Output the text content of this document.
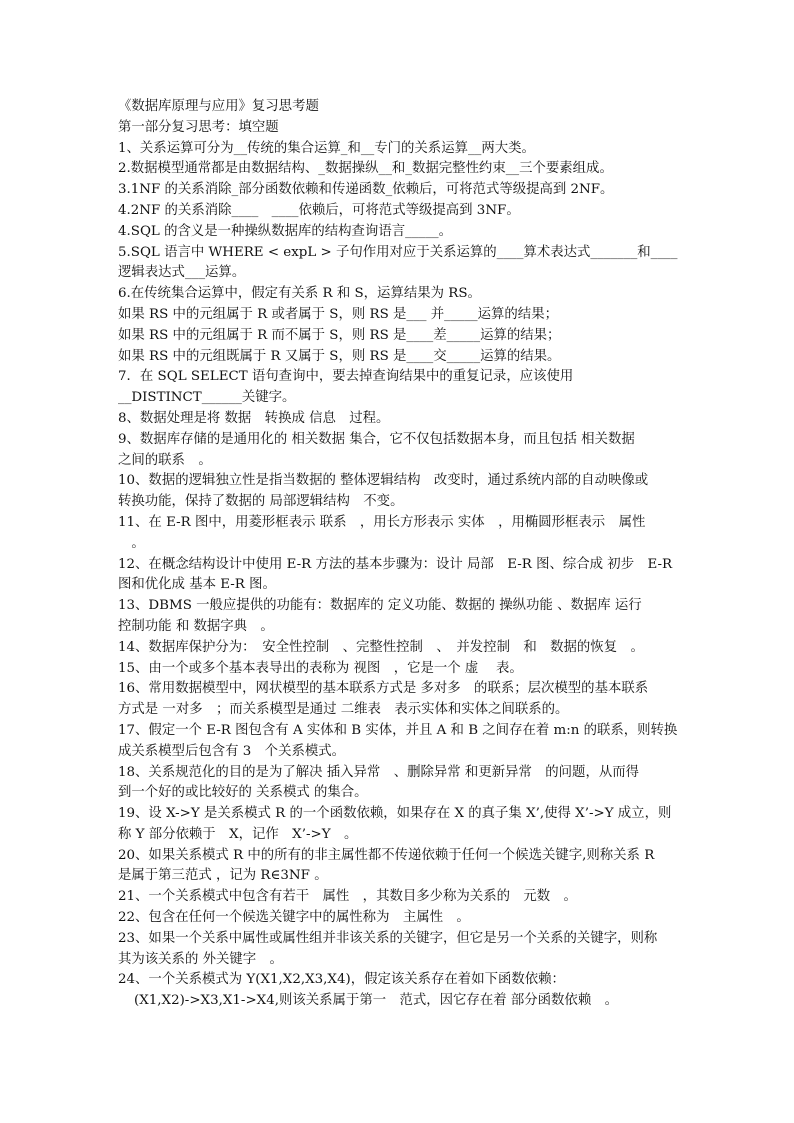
《数据库原理与应用》复习思考题
第一部分复习思考：填空题
1、关系运算可分为__传统的集合运算_和__专门的关系运算__两大类。
2.数据模型通常都是由数据结构、_数据操纵__和_数据完整性约束__三个要素组成。
3.1NF 的关系消除_部分函数依赖和传递函数_依赖后，可将范式等级提高到 2NF。
4.2NF 的关系消除____　____依赖后，可将范式等级提高到 3NF。
4.SQL 的含义是一种操纵数据库的结构查询语言_____。
5.SQL 语言中 WHERE < expL > 子句作用对应于关系运算的____算术表达式_______和____
逻辑表达式___运算。
6.在传统集合运算中，假定有关系 R 和 S，运算结果为 RS。
如果 RS 中的元组属于 R 或者属于 S，则 RS 是___ 并_____运算的结果；
如果 RS 中的元组属于 R 而不属于 S，则 RS 是____差_____运算的结果；
如果 RS 中的元组既属于 R 又属于 S，则 RS 是____交_____运算的结果。
7．在 SQL SELECT 语句查询中，要去掉查询结果中的重复记录，应该使用
__DISTINCT______关键字。
8、数据处理是将 数据　转换成 信息　过程。
9、数据库存储的是通用化的 相关数据 集合，它不仅包括数据本身，而且包括 相关数据
之间的联系　。
10、数据的逻辑独立性是指当数据的 整体逻辑结构　改变时，通过系统内部的自动映像或
转换功能，保持了数据的 局部逻辑结构　不变。
11、在 E-R 图中，用菱形框表示 联系　，用长方形表示 实体　，用椭圆形框表示　属性
　。
12、在概念结构设计中使用 E-R 方法的基本步骤为：设计 局部　E-R 图、综合成 初步　E-R
图和优化成 基本 E-R 图。
13、DBMS 一般应提供的功能有：数据库的 定义功能、数据的 操纵功能 、数据库 运行
控制功能 和 数据字典　。
14、数据库保护分为：　安全性控制　、完整性控制　、　并发控制　和　数据的恢复　。
15、由一个或多个基本表导出的表称为 视图　，它是一个 虚　 表。
16、常用数据模型中，网状模型的基本联系方式是 多对多　的联系；层次模型的基本联系
方式是 一对多　；而关系模型是通过 二维表　表示实体和实体之间联系的。
17、假定一个 E-R 图包含有 A 实体和 B 实体，并且 A 和 B 之间存在着 m:n 的联系，则转换
成关系模型后包含有 3　个关系模式。
18、关系规范化的目的是为了解决 插入异常　、删除异常 和更新异常　的问题，从而得
到一个好的或比较好的 关系模式 的集合。
19、设 X->Y 是关系模式 R 的一个函数依赖，如果存在 X 的真子集 X’,使得 X’->Y 成立，则
称 Y 部分依赖于　X，记作　X’->Y　。
20、如果关系模式 R 中的所有的非主属性都不传递依赖于任何一个候选关键字,则称关系 R
是属于第三范式 ，记为 R∈3NF 。
21、一个关系模式中包含有若干　属性　，其数目多少称为关系的　元数　。
22、包含在任何一个候选关键字中的属性称为　主属性　。
23、如果一个关系中属性或属性组并非该关系的关键字，但它是另一个关系的关键字，则称
其为该关系的 外关键字　。
24、一个关系模式为 Y(X1,X2,X3,X4)，假定该关系存在着如下函数依赖：
(X1,X2)->X3,X1->X4,则该关系属于第一　范式，因它存在着 部分函数依赖　。
